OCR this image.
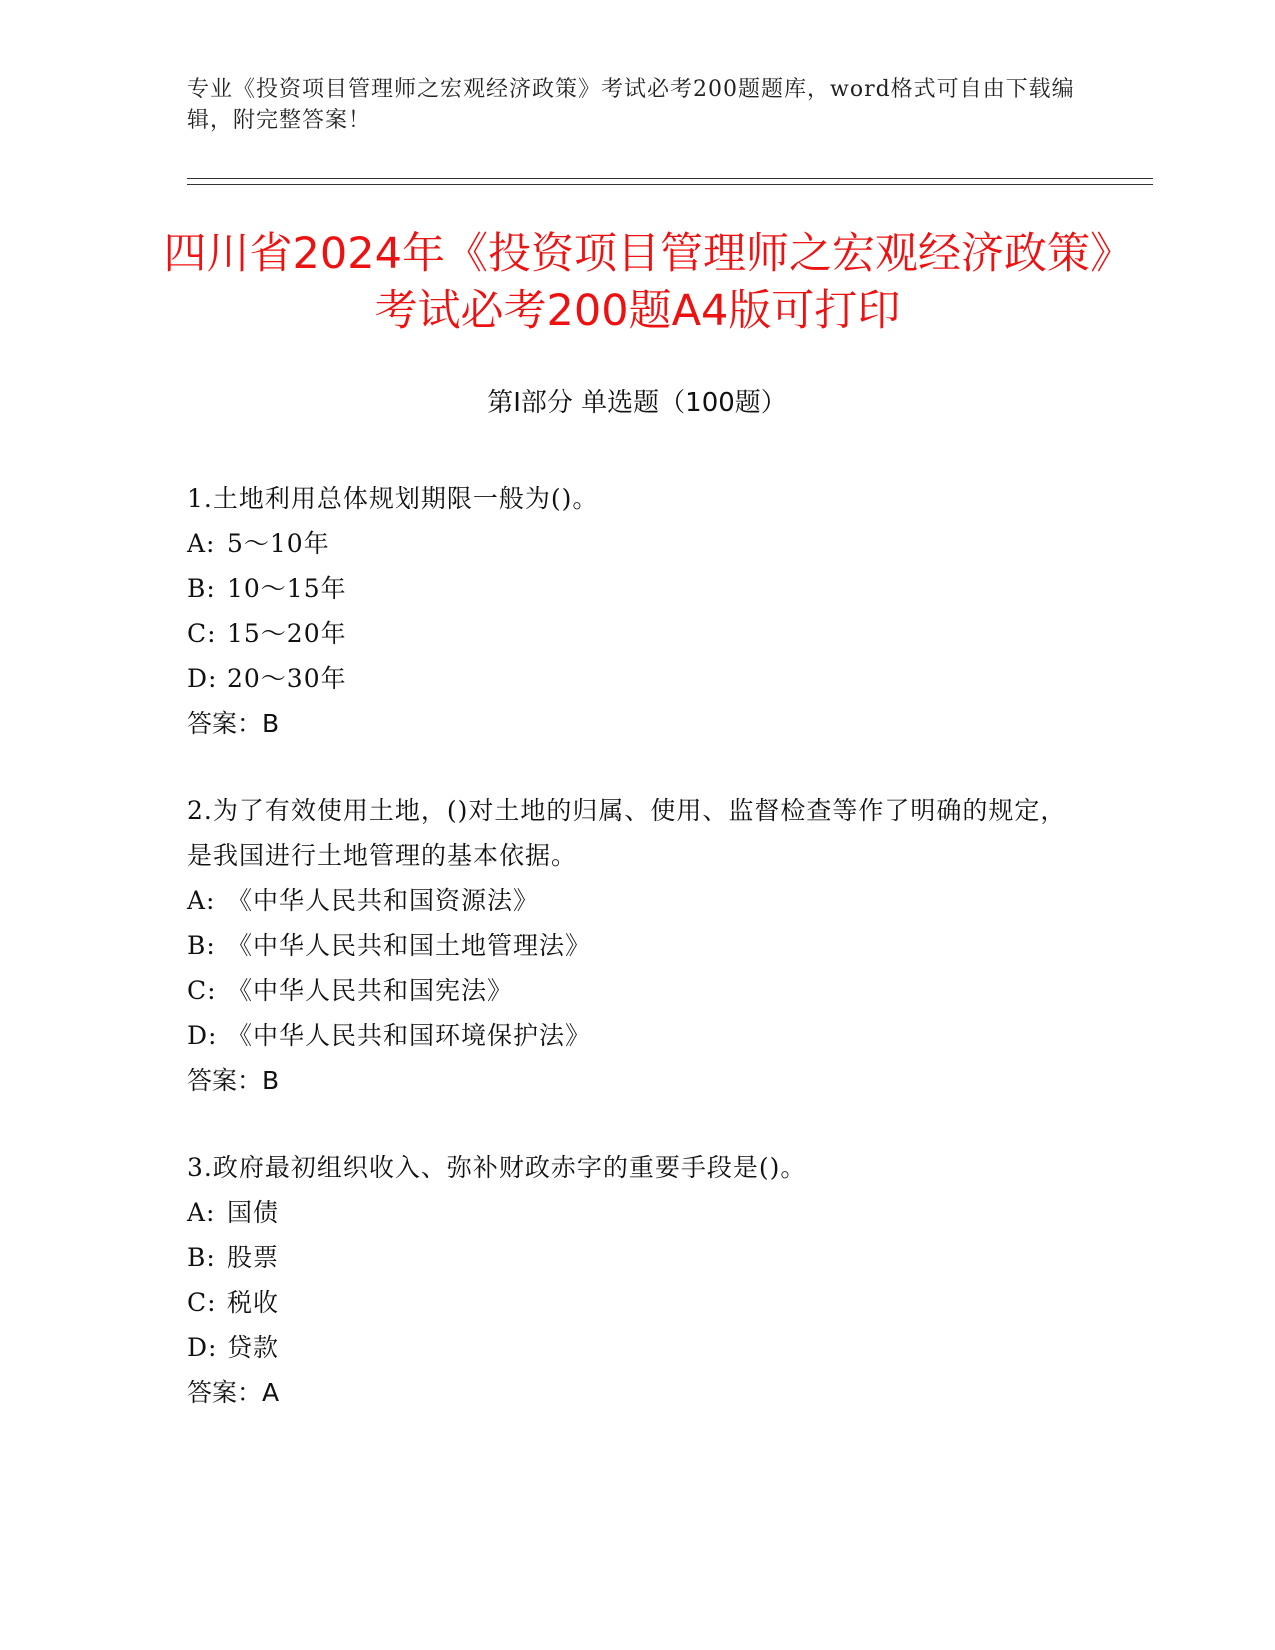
专业《投资项目管理师之宏观经济政策》考试必考200题题库，word格式可自由下载编辑，附完整答案！
四川省2024年《投资项目管理师之宏观经济政策》考试必考200题A4版可打印
第I部分 单选题（100题）

1.土地利用总体规划期限一般为()。

A: 5～10年

B: 10～15年

C: 15～20年

D: 20～30年

答案：B

2.为了有效使用土地，()对土地的归属、使用、监督检查等作了明确的规定，是我国进行土地管理的基本依据。

A: 《中华人民共和国资源法》

B: 《中华人民共和国土地管理法》

C: 《中华人民共和国宪法》

D: 《中华人民共和国环境保护法》

答案：B

3.政府最初组织收入、弥补财政赤字的重要手段是()。

A: 国债

B: 股票

C: 税收

D: 贷款

答案：A
